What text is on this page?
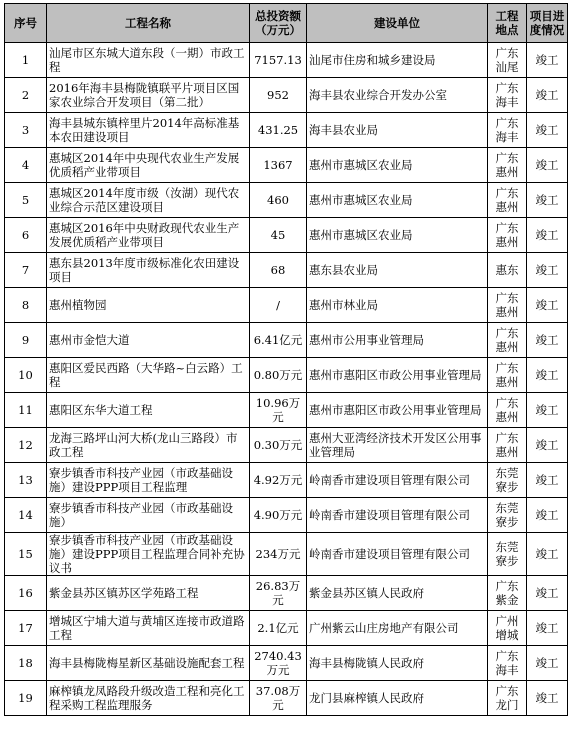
序号	工程名称	总投资额（万元）	建设单位	工程地点	项目进度情况
1	汕尾市区东城大道东段（一期）市政工程	7157.13	汕尾市住房和城乡建设局	广东汕尾	竣工
2	2016年海丰县梅陇镇联平片项目区国家农业综合开发项目（第二批）	952	海丰县农业综合开发办公室	广东海丰	竣工
3	海丰县城东镇梓里片2014年高标准基本农田建设项目	431.25	海丰县农业局	广东海丰	竣工
4	惠城区2014年中央现代农业生产发展优质稻产业带项目	1367	惠州市惠城区农业局	广东惠州	竣工
5	惠城区2014年度市级（汝湖）现代农业综合示范区建设项目	460	惠州市惠城区农业局	广东惠州	竣工
6	惠城区2016年中央财政现代农业生产发展优质稻产业带项目	45	惠州市惠城区农业局	广东惠州	竣工
7	惠东县2013年度市级标准化农田建设项目	68	惠东县农业局	惠东	竣工
8	惠州植物园	/	惠州市林业局	广东惠州	竣工
9	惠州市金恺大道	6.41亿元	惠州市公用事业管理局	广东惠州	竣工
10	惠阳区爱民西路（大华路~白云路）工程	0.80万元	惠州市惠阳区市政公用事业管理局	广东惠州	竣工
11	惠阳区东华大道工程	10.96万元	惠州市惠阳区市政公用事业管理局	广东惠州	竣工
12	龙海三路坪山河大桥(龙山三路段）市政工程	0.30万元	惠州大亚湾经济技术开发区公用事业管理局	广东惠州	竣工
13	寮步镇香市科技产业园（市政基础设施）建设PPP项目工程监理	4.92万元	岭南香市建设项目管理有限公司	东莞寮步	竣工
14	寮步镇香市科技产业园（市政基础设施）	4.90万元	岭南香市建设项目管理有限公司	东莞寮步	竣工
15	寮步镇香市科技产业园（市政基础设施）建设PPP项目工程监理合同补充协议书	234万元	岭南香市建设项目管理有限公司	东莞寮步	竣工
16	紫金县苏区镇苏区学苑路工程	26.83万元	紫金县苏区镇人民政府	广东紫金	竣工
17	增城区宁埔大道与黄埔区连接市政道路工程	2.1亿元	广州紫云山庄房地产有限公司	广州增城	竣工
18	海丰县梅陇梅星新区基础设施配套工程	2740.43万元	海丰县梅陇镇人民政府	广东海丰	竣工
19	麻榨镇龙凤路段升级改造工程和亮化工程采购工程监理服务	37.08万元	龙门县麻榨镇人民政府	广东龙门	竣工
